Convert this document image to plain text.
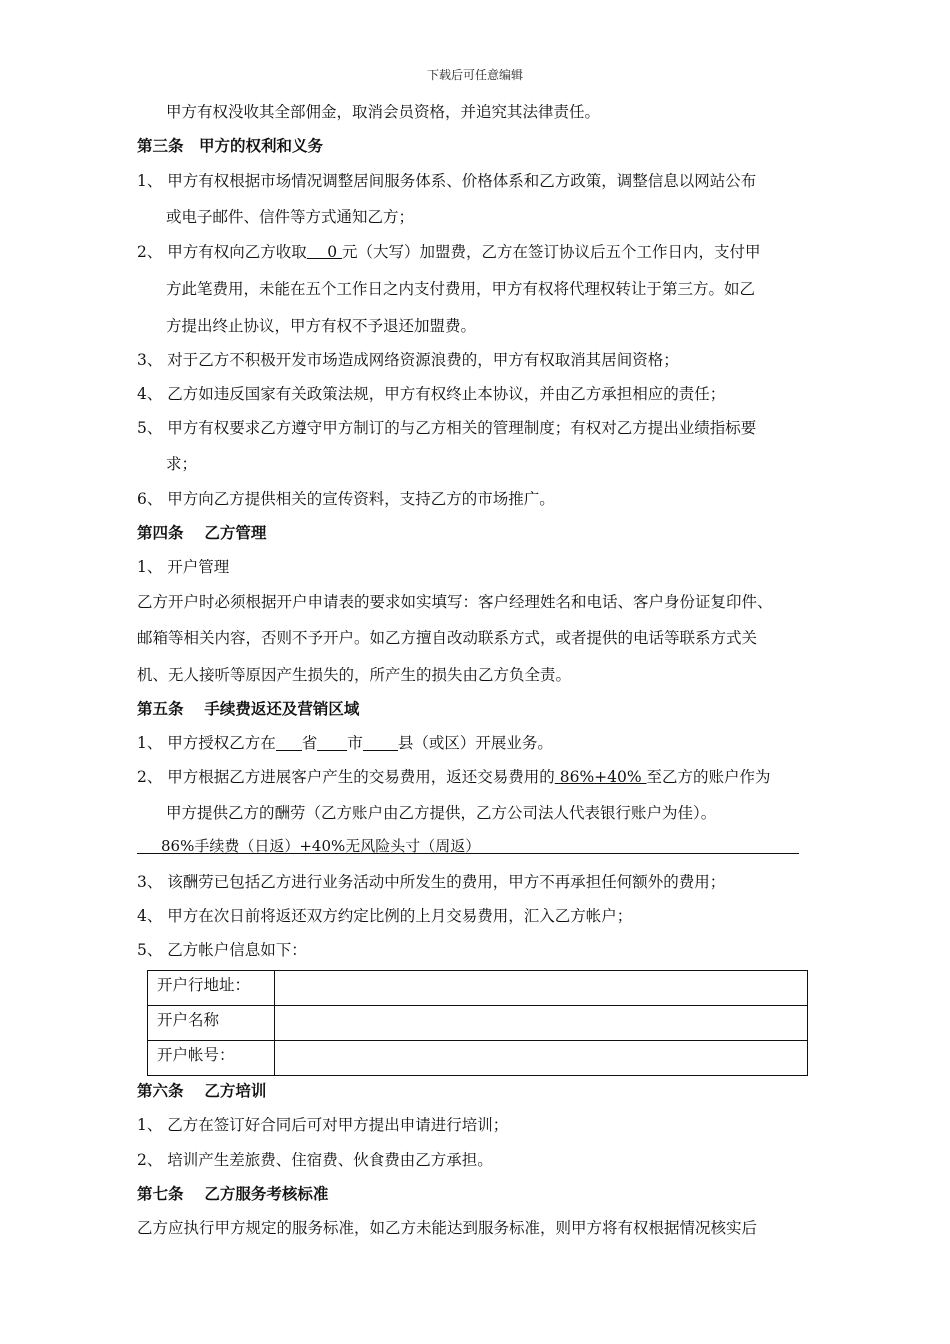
下载后可任意编辑
甲方有权没收其全部佣金，取消会员资格，并追究其法律责任。
第三条　甲方的权利和义务
1、 甲方有权根据市场情况调整居间服务体系、价格体系和乙方政策，调整信息以网站公布
或电子邮件、信件等方式通知乙方；
2、 甲方有权向乙方收取　 0 元（大写）加盟费，乙方在签订协议后五个工作日内，支付甲
方此笔费用，未能在五个工作日之内支付费用，甲方有权将代理权转让于第三方。如乙
方提出终止协议，甲方有权不予退还加盟费。
3、 对于乙方不积极开发市场造成网络资源浪费的，甲方有权取消其居间资格；
4、 乙方如违反国家有关政策法规，甲方有权终止本协议，并由乙方承担相应的责任；
5、 甲方有权要求乙方遵守甲方制订的与乙方相关的管理制度；有权对乙方提出业绩指标要
求；
6、 甲方向乙方提供相关的宣传资料，支持乙方的市场推广。
第四条　 乙方管理
1、 开户管理
乙方开户时必须根据开户申请表的要求如实填写：客户经理姓名和电话、客户身份证复印件、
邮箱等相关内容，否则不予开户。如乙方擅自改动联系方式，或者提供的电话等联系方式关
机、无人接听等原因产生损失的，所产生的损失由乙方负全责。
第五条　 手续费返还及营销区域
1、 甲方授权乙方在 省 市 县（或区）开展业务。
2、 甲方根据乙方进展客户产生的交易费用，返还交易费用的 86%+40% 至乙方的账户作为
甲方提供乙方的酬劳（乙方账户由乙方提供，乙方公司法人代表银行账户为佳）。
86%手续费（日返）+40%无风险头寸（周返）
3、 该酬劳已包括乙方进行业务活动中所发生的费用，甲方不再承担任何额外的费用；
4、 甲方在次日前将返还双方约定比例的上月交易费用，汇入乙方帐户；
5、 乙方帐户信息如下：
开户行地址：	
开户名称	
开户帐号：	
第六条　 乙方培训
1、 乙方在签订好合同后可对甲方提出申请进行培训；
2、 培训产生差旅费、住宿费、伙食费由乙方承担。
第七条　 乙方服务考核标准
乙方应执行甲方规定的服务标准，如乙方未能达到服务标准，则甲方将有权根据情况核实后
